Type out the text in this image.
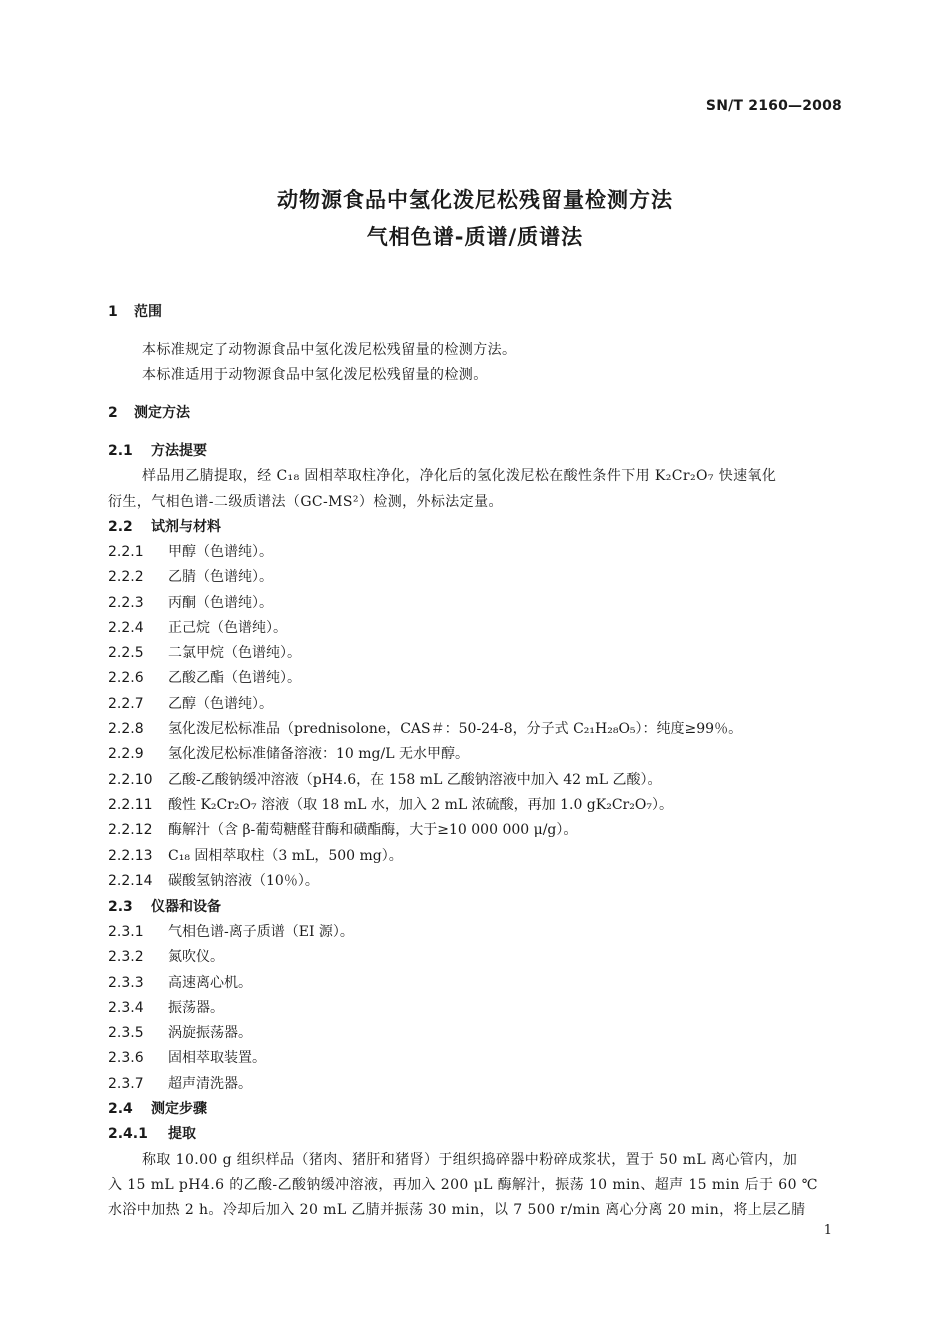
SN/T 2160—2008
动物源食品中氢化泼尼松残留量检测方法
气相色谱-质谱/质谱法
1 范围
本标准规定了动物源食品中氢化泼尼松残留量的检测方法。
本标准适用于动物源食品中氢化泼尼松残留量的检测。
2 测定方法
2.1 方法提要
样品用乙腈提取，经 C₁₈ 固相萃取柱净化，净化后的氢化泼尼松在酸性条件下用 K₂Cr₂O₇ 快速氧化
衍生，气相色谱-二级质谱法（GC-MS²）检测，外标法定量。
2.2 试剂与材料
2.2.1 甲醇（色谱纯）。
2.2.2 乙腈（色谱纯）。
2.2.3 丙酮（色谱纯）。
2.2.4 正己烷（色谱纯）。
2.2.5 二氯甲烷（色谱纯）。
2.2.6 乙酸乙酯（色谱纯）。
2.2.7 乙醇（色谱纯）。
2.2.8 氢化泼尼松标准品（prednisolone，CAS＃：50-24-8，分子式 C₂₁H₂₈O₅）：纯度≥99％。
2.2.9 氢化泼尼松标准储备溶液：10 mg/L 无水甲醇。
2.2.10 乙酸-乙酸钠缓冲溶液（pH4.6，在 158 mL 乙酸钠溶液中加入 42 mL 乙酸）。
2.2.11 酸性 K₂Cr₂O₇ 溶液（取 18 mL 水，加入 2 mL 浓硫酸，再加 1.0 gK₂Cr₂O₇）。
2.2.12 酶解汁（含 β-葡萄糖醛苷酶和磺酯酶，大于≥10 000 000 μ/g）。
2.2.13 C₁₈ 固相萃取柱（3 mL，500 mg）。
2.2.14 碳酸氢钠溶液（10％）。
2.3 仪器和设备
2.3.1 气相色谱-离子质谱（EI 源）。
2.3.2 氮吹仪。
2.3.3 高速离心机。
2.3.4 振荡器。
2.3.5 涡旋振荡器。
2.3.6 固相萃取装置。
2.3.7 超声清洗器。
2.4 测定步骤
2.4.1 提取
称取 10.00 g 组织样品（猪肉、猪肝和猪肾）于组织捣碎器中粉碎成浆状，置于 50 mL 离心管内，加
入 15 mL pH4.6 的乙酸-乙酸钠缓冲溶液，再加入 200 μL 酶解汁，振荡 10 min、超声 15 min 后于 60 ℃
水浴中加热 2 h。冷却后加入 20 mL 乙腈并振荡 30 min，以 7 500 r/min 离心分离 20 min，将上层乙腈
1
